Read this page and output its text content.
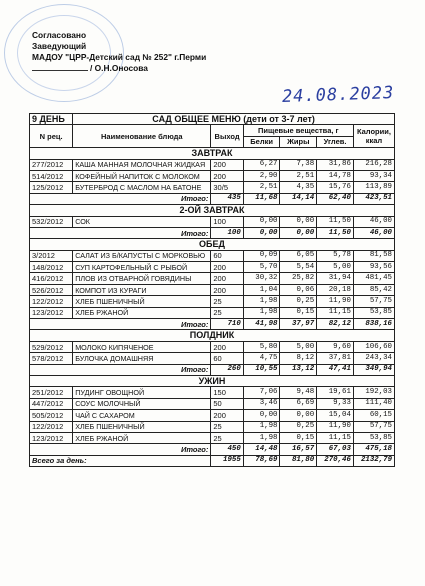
Согласовано
Заведующий
МАДОУ "ЦРР-Детский сад № 252" г.Перми
/ О.Н.Оносова
24.08.2023
9 ДЕНЬ	САД ОБЩЕЕ МЕНЮ (дети от 3-7 лет)					
N рец.	Наименование блюда	Выход	Пищевые вещества, г			Калории, ккал
			Белки	Жиры	Углев.	
ЗАВТРАК						
277/2012	КАША МАННАЯ МОЛОЧНАЯ ЖИДКАЯ	200	6,27	7,38	31,86	216,28
514/2012	КОФЕЙНЫЙ НАПИТОК С МОЛОКОМ	200	2,90	2,51	14,78	93,34
125/2012	БУТЕРБРОД С МАСЛОМ НА БАТОНЕ	30/5	2,51	4,35	15,76	113,89
Итого:		435	11,68	14,14	62,40	423,51
2-ОЙ ЗАВТРАК						
532/2012	СОК	100	0,00	0,00	11,50	46,00
Итого:		100	0,00	0,00	11,50	46,00
ОБЕД						
3/2012	САЛАТ ИЗ Б/КАПУСТЫ С МОРКОВЬЮ	60	0,09	6,05	5,78	81,58
148/2012	СУП КАРТОФЕЛЬНЫЙ С РЫБОЙ	200	5,70	5,54	5,00	93,56
416/2012	ПЛОВ ИЗ ОТВАРНОЙ ГОВЯДИНЫ	200	30,32	25,82	31,94	481,45
526/2012	КОМПОТ ИЗ КУРАГИ	200	1,04	0,06	20,18	85,42
122/2012	ХЛЕБ ПШЕНИЧНЫЙ	25	1,98	0,25	11,90	57,75
123/2012	ХЛЕБ РЖАНОЙ	25	1,98	0,15	11,15	53,85
Итого:		710	41,98	37,97	82,12	838,16
ПОЛДНИК						
529/2012	МОЛОКО КИПЯЧЕНОЕ	200	5,80	5,00	9,60	106,60
578/2012	БУЛОЧКА ДОМАШНЯЯ	60	4,75	8,12	37,81	243,34
Итого:		260	10,55	13,12	47,41	349,94
УЖИН						
251/2012	ПУДИНГ ОВОЩНОЙ	150	7,06	9,48	19,61	192,03
447/2012	СОУС МОЛОЧНЫЙ	50	3,46	6,69	9,33	111,40
505/2012	ЧАЙ С САХАРОМ	200	0,00	0,00	15,04	60,15
122/2012	ХЛЕБ ПШЕНИЧНЫЙ	25	1,98	0,25	11,90	57,75
123/2012	ХЛЕБ РЖАНОЙ	25	1,98	0,15	11,15	53,85
Итого:		450	14,48	16,57	67,03	475,18
Всего за день:		1955	78,69	81,80	270,46	2132,79
